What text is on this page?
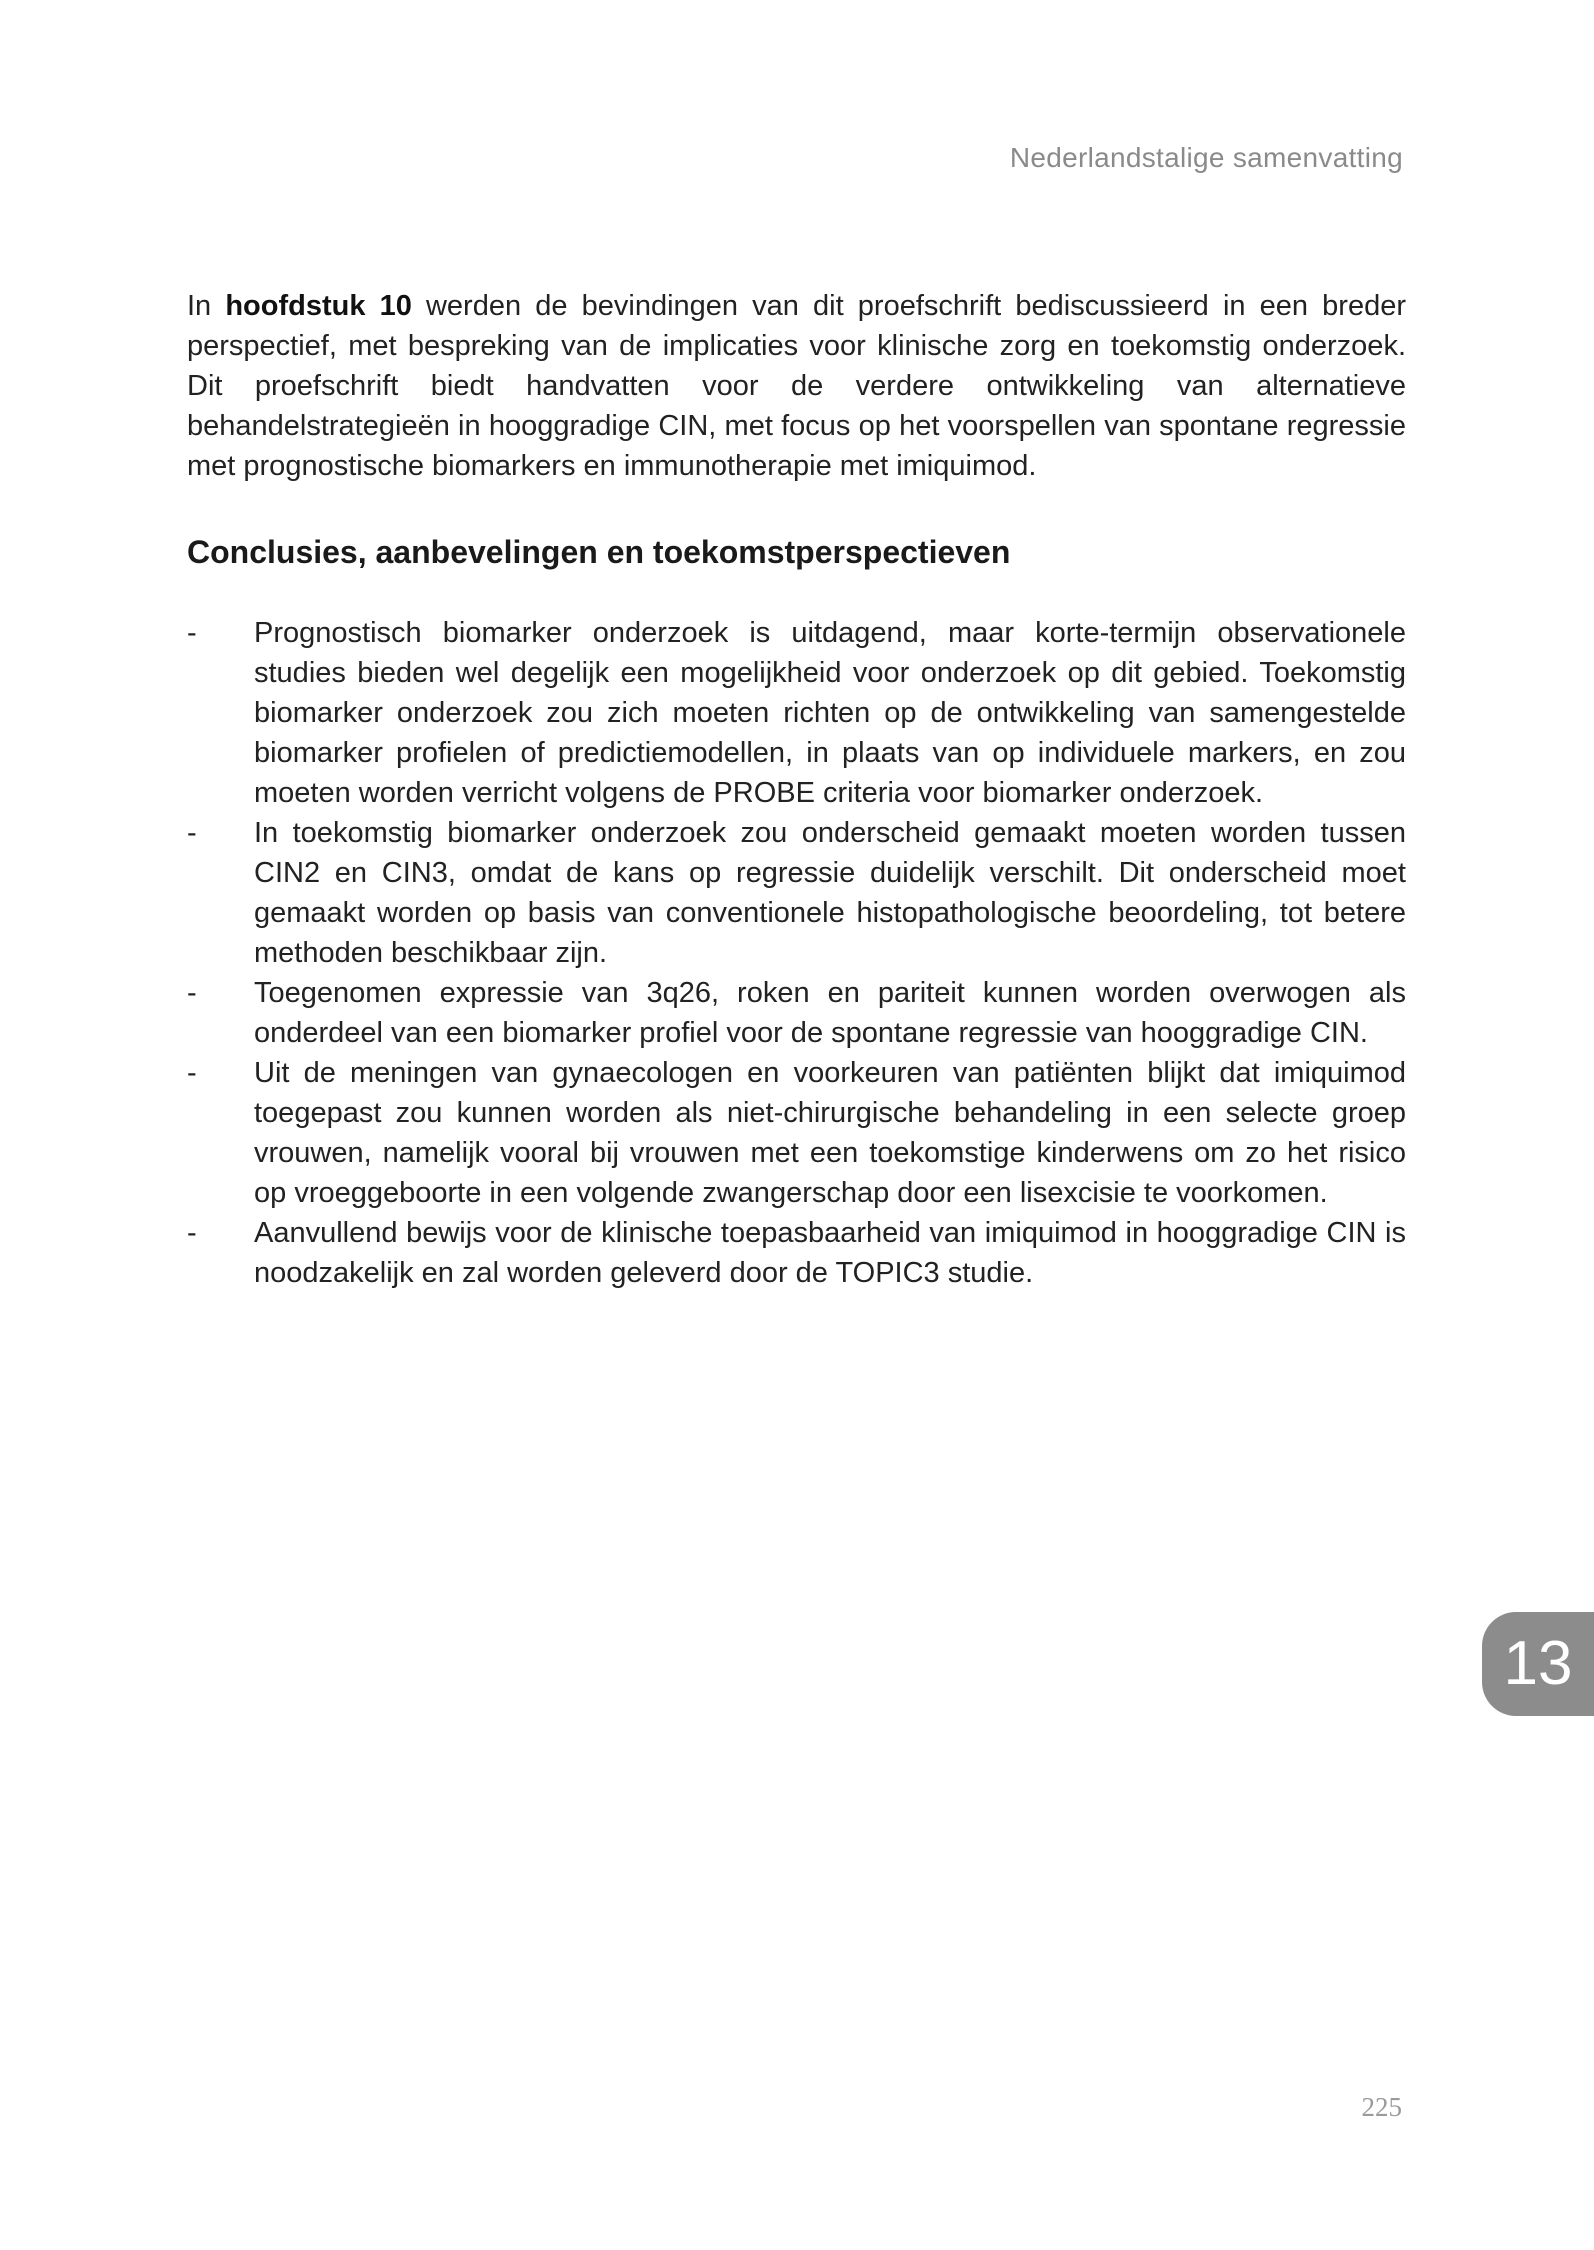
Nederlandstalige samenvatting

In hoofdstuk 10 werden de bevindingen van dit proefschrift bediscussieerd in een breder perspectief, met bespreking van de implicaties voor klinische zorg en toekomstig onderzoek. Dit proefschrift biedt handvatten voor de verdere ontwikkeling van alternatieve behandelstrategieën in hooggradige CIN, met focus op het voorspellen van spontane regressie met prognostische biomarkers en immunotherapie met imiquimod.

Conclusies, aanbevelingen en toekomstperspectieven
- Prognostisch biomarker onderzoek is uitdagend, maar korte-termijn observationele studies bieden wel degelijk een mogelijkheid voor onderzoek op dit gebied. Toekomstig biomarker onderzoek zou zich moeten richten op de ontwikkeling van samengestelde biomarker profielen of predictiemodellen, in plaats van op individuele markers, en zou moeten worden verricht volgens de PROBE criteria voor biomarker onderzoek.
- In toekomstig biomarker onderzoek zou onderscheid gemaakt moeten worden tussen CIN2 en CIN3, omdat de kans op regressie duidelijk verschilt. Dit onderscheid moet gemaakt worden op basis van conventionele histopathologische beoordeling, tot betere methoden beschikbaar zijn.
- Toegenomen expressie van 3q26, roken en pariteit kunnen worden overwogen als onderdeel van een biomarker profiel voor de spontane regressie van hooggradige CIN.
- Uit de meningen van gynaecologen en voorkeuren van patiënten blijkt dat imiquimod toegepast zou kunnen worden als niet-chirurgische behandeling in een selecte groep vrouwen, namelijk vooral bij vrouwen met een toekomstige kinderwens om zo het risico op vroeggeboorte in een volgende zwangerschap door een lisexcisie te voorkomen.
- Aanvullend bewijs voor de klinische toepasbaarheid van imiquimod in hooggradige CIN is noodzakelijk en zal worden geleverd door de TOPIC3 studie.
13
225
